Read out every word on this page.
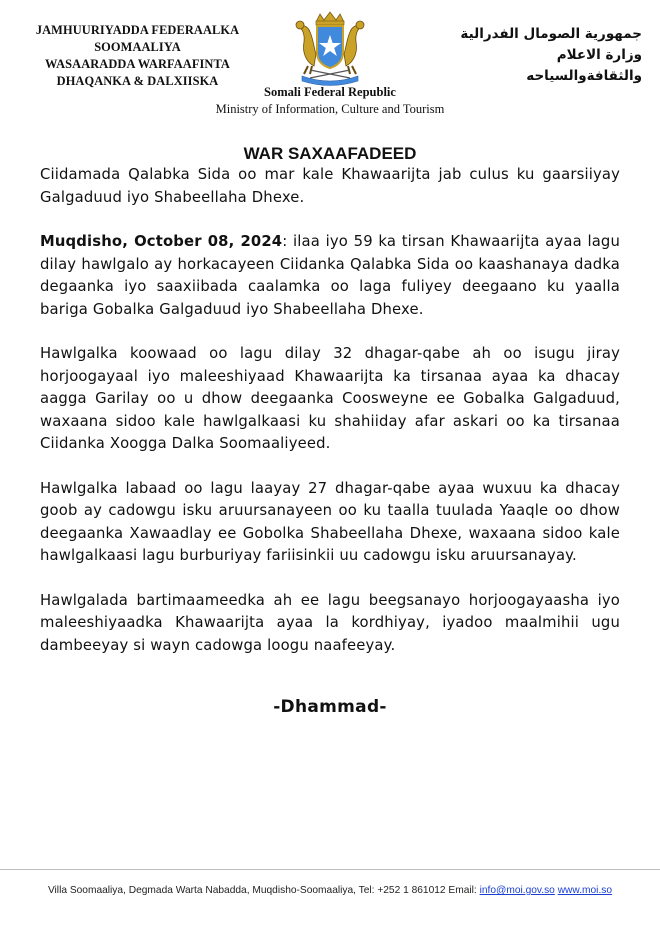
JAMHUURIYADDA FEDERAALKA
SOOMAALIYA
WASAARADDA WARFAAFINTA
DHAQANKA & DALXIISKA
Somali Federal Republic
Ministry of Information, Culture and Tourism
جمهورية الصومال الفدرالية
وزارة الاعلام
والثقافةوالسياحه
WAR SAXAAFADEED

Ciidamada Qalabka Sida oo mar kale Khawaarijta jab culus ku gaarsiiyay Galgaduud iyo Shabeellaha Dhexe.

Muqdisho, October 08, 2024: ilaa iyo 59 ka tirsan Khawaarijta ayaa lagu dilay hawlgalo ay horkacayeen Ciidanka Qalabka Sida oo kaashanaya dadka degaanka iyo saaxiibada caalamka oo laga fuliyey deegaano ku yaalla bariga Gobalka Galgaduud iyo Shabeellaha Dhexe.

Hawlgalka koowaad oo lagu dilay 32 dhagar-qabe ah oo isugu jiray horjoogayaal iyo maleeshiyaad Khawaarijta ka tirsanaa ayaa ka dhacay aagga Garilay oo u dhow deegaanka Coosweyne ee Gobalka Galgaduud, waxaana sidoo kale hawlgalkaasi ku shahiiday afar askari oo ka tirsanaa Ciidanka Xoogga Dalka Soomaaliyeed.

Hawlgalka labaad oo lagu laayay 27 dhagar-qabe ayaa wuxuu ka dhacay goob ay cadowgu isku aruursanayeen oo ku taalla tuulada Yaaqle oo dhow deegaanka Xawaadlay ee Gobolka Shabeellaha Dhexe, waxaana sidoo kale hawlgalkaasi lagu burburiyay fariisinkii uu cadowgu isku aruursanayay.

Hawlgalada bartimaameedka ah ee lagu beegsanayo horjoogayaasha iyo maleeshiyaadka Khawaarijta ayaa la kordhiyay, iyadoo maalmihii ugu dambeeyay si wayn cadowga loogu naafeeyay.

-Dhammad-
Villa Soomaaliya, Degmada Warta Nabadda, Muqdisho-Soomaaliya, Tel: +252 1 861012 Email: info@moi.gov.so www.moi.so
